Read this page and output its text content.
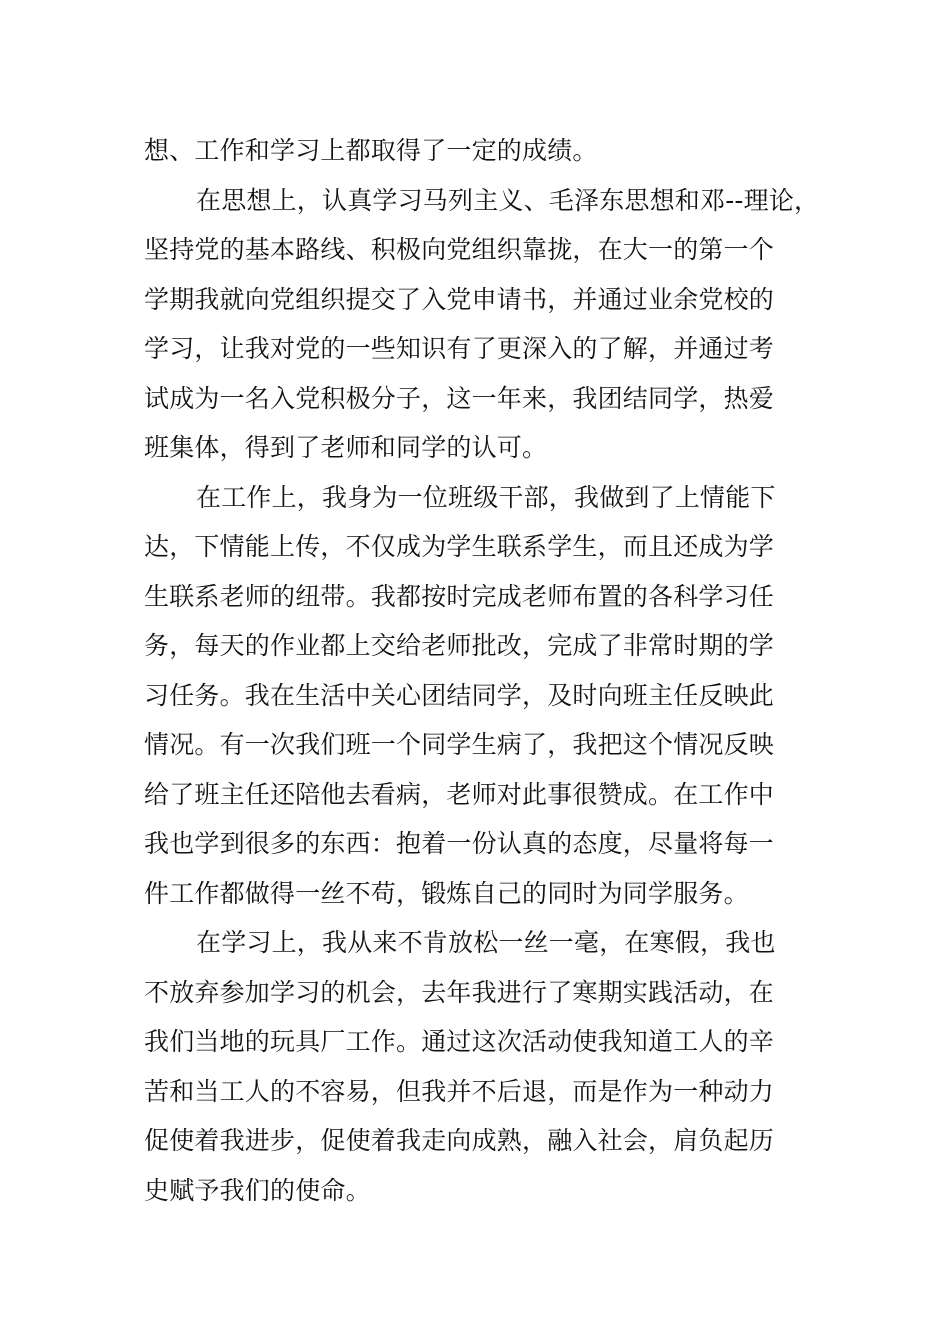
想、工作和学习上都取得了一定的成绩。
在思想上，认真学习马列主义、毛泽东思想和邓--理论，
坚持党的基本路线、积极向党组织靠拢，在大一的第一个
学期我就向党组织提交了入党申请书，并通过业余党校的
学习，让我对党的一些知识有了更深入的了解，并通过考
试成为一名入党积极分子，这一年来，我团结同学，热爱
班集体，得到了老师和同学的认可。
在工作上，我身为一位班级干部，我做到了上情能下
达，下情能上传，不仅成为学生联系学生，而且还成为学
生联系老师的纽带。我都按时完成老师布置的各科学习任
务，每天的作业都上交给老师批改，完成了非常时期的学
习任务。我在生活中关心团结同学，及时向班主任反映此
情况。有一次我们班一个同学生病了，我把这个情况反映
给了班主任还陪他去看病，老师对此事很赞成。在工作中
我也学到很多的东西：抱着一份认真的态度，尽量将每一
件工作都做得一丝不苟，锻炼自己的同时为同学服务。
在学习上，我从来不肯放松一丝一毫，在寒假，我也
不放弃参加学习的机会，去年我进行了寒期实践活动，在
我们当地的玩具厂工作。通过这次活动使我知道工人的辛
苦和当工人的不容易，但我并不后退，而是作为一种动力
促使着我进步，促使着我走向成熟，融入社会，肩负起历
史赋予我们的使命。
